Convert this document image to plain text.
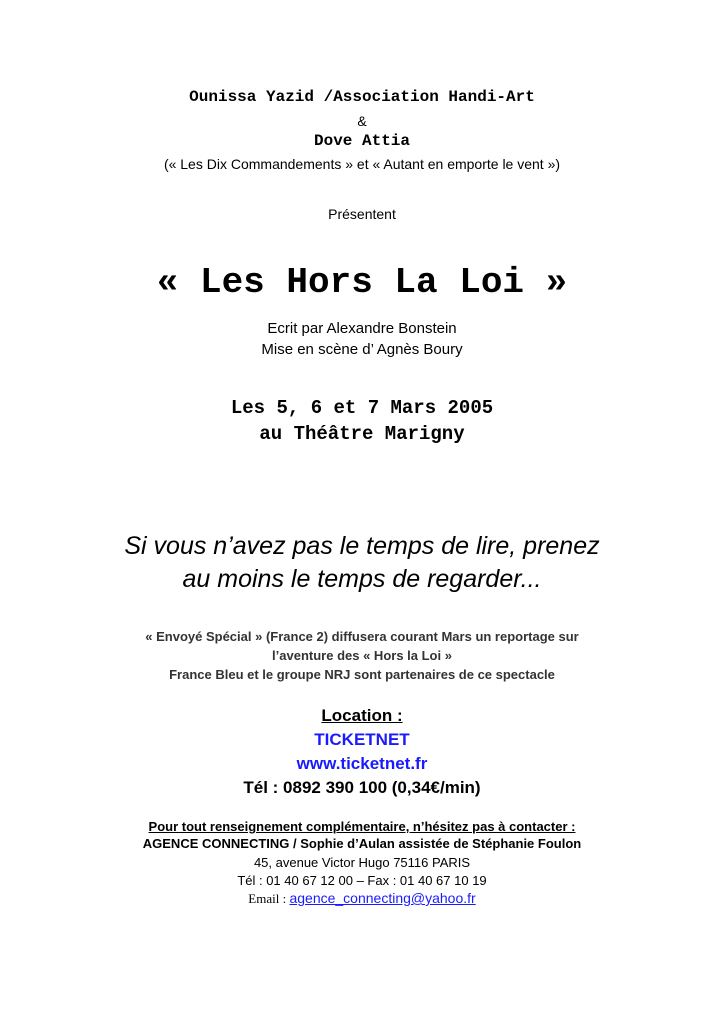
Ounissa Yazid /Association Handi-Art
&
Dove Attia
(« Les Dix Commandements » et « Autant en emporte le vent »)
Présentent
« Les Hors La Loi »
Ecrit par Alexandre Bonstein
Mise en scène d’ Agnès Boury
Les 5, 6 et 7 Mars 2005
au Théâtre Marigny
Si vous n’avez pas le temps de lire, prenez
au moins le temps de regarder...
« Envoyé Spécial » (France 2) diffusera courant Mars un reportage sur
l’aventure des « Hors la Loi »
France Bleu et le groupe NRJ sont partenaires de ce spectacle
Location :
TICKETNET
www.ticketnet.fr
Tél : 0892 390 100 (0,34€/min)
Pour tout renseignement complémentaire, n’hésitez pas à contacter :
AGENCE CONNECTING / Sophie d’Aulan assistée de Stéphanie Foulon
45, avenue Victor Hugo 75116 PARIS
Tél : 01 40 67 12 00 – Fax : 01 40 67 10 19
Email : agence_connecting@yahoo.fr
